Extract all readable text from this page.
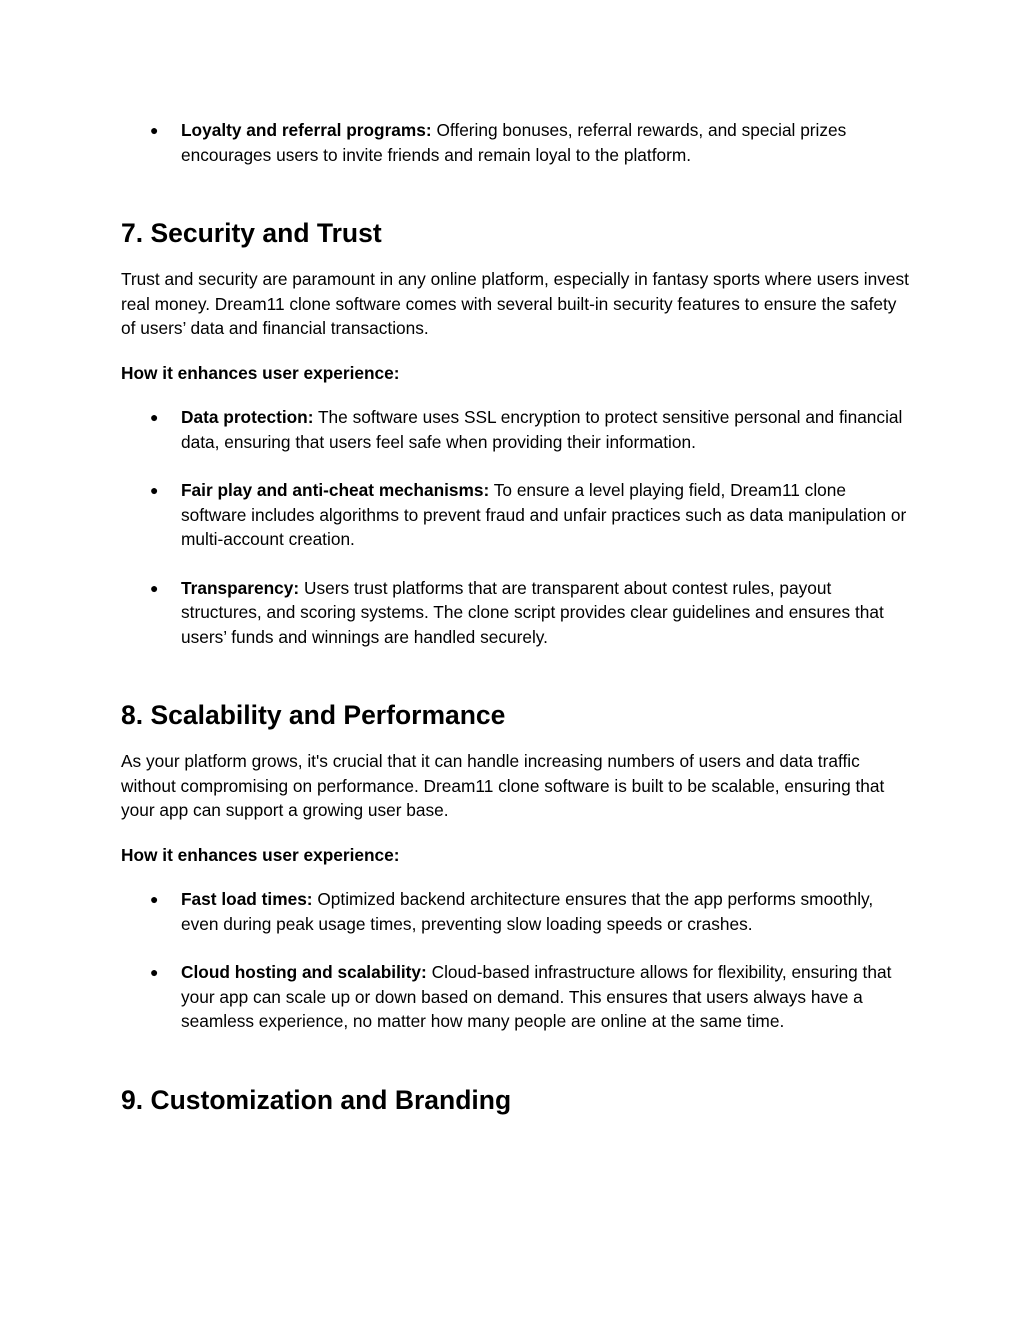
●	Loyalty and referral programs: Offering bonuses, referral rewards, and special prizes encourages users to invite friends and remain loyal to the platform.
7. Security and Trust

Trust and security are paramount in any online platform, especially in fantasy sports where users invest real money. Dream11 clone software comes with several built-in security features to ensure the safety of users’ data and financial transactions.

How it enhances user experience:

●	Data protection: The software uses SSL encryption to protect sensitive personal and financial data, ensuring that users feel safe when providing their information.
●	Fair play and anti-cheat mechanisms: To ensure a level playing field, Dream11 clone software includes algorithms to prevent fraud and unfair practices such as data manipulation or multi-account creation.
●	Transparency: Users trust platforms that are transparent about contest rules, payout structures, and scoring systems. The clone script provides clear guidelines and ensures that users’ funds and winnings are handled securely.
8. Scalability and Performance

As your platform grows, it's crucial that it can handle increasing numbers of users and data traffic without compromising on performance. Dream11 clone software is built to be scalable, ensuring that your app can support a growing user base.

How it enhances user experience:

●	Fast load times: Optimized backend architecture ensures that the app performs smoothly, even during peak usage times, preventing slow loading speeds or crashes.
●	Cloud hosting and scalability: Cloud-based infrastructure allows for flexibility, ensuring that your app can scale up or down based on demand. This ensures that users always have a seamless experience, no matter how many people are online at the same time.
9. Customization and Branding
